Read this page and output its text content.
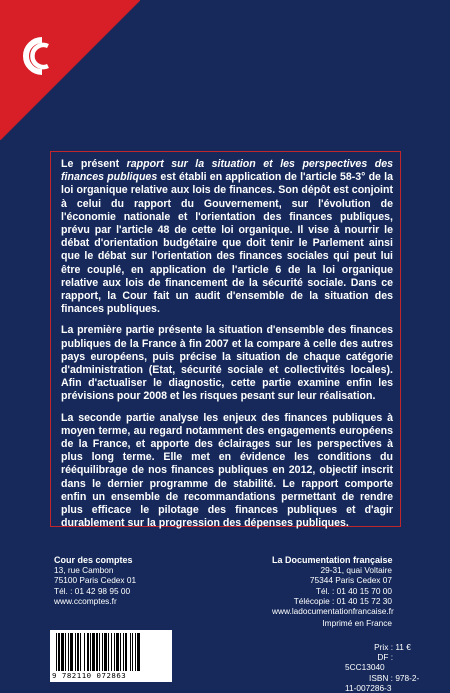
Le présent rapport sur la situation et les perspectives des finances publiques est établi en application de l'article 58-3° de la loi organique relative aux lois de finances. Son dépôt est conjoint à celui du rapport du Gouvernement, sur l'évolution de l'économie nationale et l'orientation des finances publiques, prévu par l'article 48 de cette loi organique. Il vise à nourrir le débat d'orientation budgétaire que doit tenir le Parlement ainsi que le débat sur l'orientation des finances sociales qui peut lui être couplé, en application de l'article 6 de la loi organique relative aux lois de financement de la sécurité sociale. Dans ce rapport, la Cour fait un audit d'ensemble de la situation des finances publiques.

La première partie présente la situation d'ensemble des finances publiques de la France à fin 2007 et la compare à celle des autres pays européens, puis précise la situation de chaque catégorie d'administration (Etat, sécurité sociale et collectivités locales). Afin d'actualiser le diagnostic, cette partie examine enfin les prévisions pour 2008 et les risques pesant sur leur réalisation.

La seconde partie analyse les enjeux des finances publiques à moyen terme, au regard notamment des engagements européens de la France, et apporte des éclairages sur les perspectives à plus long terme. Elle met en évidence les conditions du rééquilibrage de nos finances publiques en 2012, objectif inscrit dans le dernier programme de stabilité. Le rapport comporte enfin un ensemble de recommandations permettant de rendre plus efficace le pilotage des finances publiques et d'agir durablement sur la progression des dépenses publiques.

Cour des comptes
13, rue Cambon
75100 Paris Cedex 01
Tél. : 01 42 98 95 00
www.ccomptes.fr
La Documentation française
29-31, quai Voltaire
75344 Paris Cedex 07
Tél. : 01 40 15 70 00
Télécopie : 01 40 15 72 30
www.ladocumentationfrancaise.fr
Imprimé en France
Prix : 11 €
DF : 5CC13040
ISBN : 978-2-11-007286-3
9 782110 072863
